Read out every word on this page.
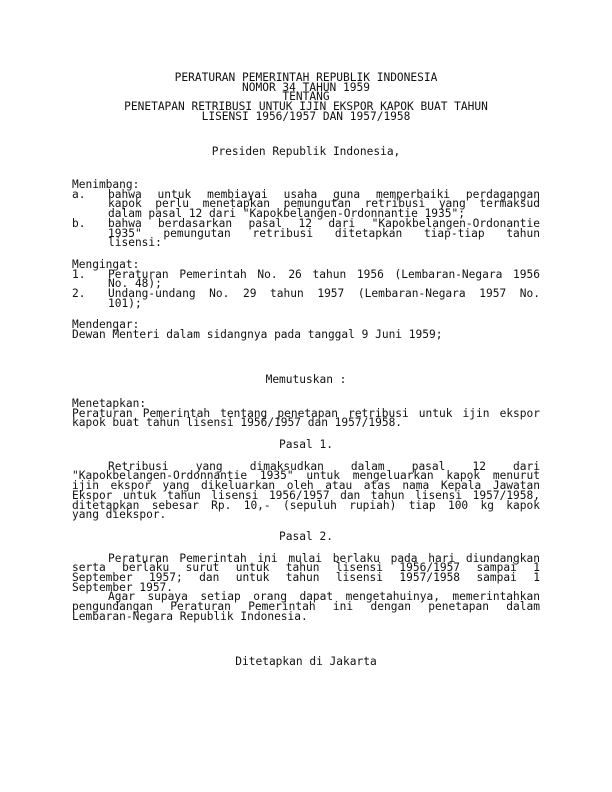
PERATURAN PEMERINTAH REPUBLIK INDONESIA
NOMOR 34 TAHUN 1959
TENTANG
PENETAPAN RETRIBUSI UNTUK IJIN EKSPOR KAPOK BUAT TAHUN
LISENSI 1956/1957 DAN 1957/1958
Presiden Republik Indonesia,
Menimbang:
a.	bahwa untuk membiayai usaha guna memperbaiki perdagangan
kapok perlu menetapkan pemungutan retribusi yang termaksud
dalam pasal 12 dari "Kapokbelangen-Ordonnantie 1935";
b.	bahwa berdasarkan pasal 12 dari "Kapokbelangen-Ordonantie
1935" pemungutan retribusi ditetapkan tiap-tiap tahun
lisensi:
Mengingat:
1.	Peraturan Pemerintah No. 26 tahun 1956 (Lembaran-Negara 1956
No. 48);
2.	Undang-undang No. 29 tahun 1957 (Lembaran-Negara 1957 No.
101);
Mendengar:
Dewan Menteri dalam sidangnya pada tanggal 9 Juni 1959;
Memutuskan :
Menetapkan:
Peraturan Pemerintah tentang penetapan retribusi untuk ijin ekspor
kapok buat tahun lisensi 1956/1957 dan 1957/1958.
Pasal 1.
Retribusi yang dimaksudkan dalam pasal 12 dari
"Kapokbelangen-Ordonnantie 1935" untuk mengeluarkan kapok menurut
ijin ekspor yang dikeluarkan oleh atau atas nama Kepala Jawatan
Ekspor untuk tahun lisensi 1956/1957 dan tahun lisensi 1957/1958,
ditetapkan sebesar Rp. 10,- (sepuluh rupiah) tiap 100 kg kapok
yang diekspor.
Pasal 2.
Peraturan Pemerintah ini mulai berlaku pada hari diundangkan
serta berlaku surut untuk tahun lisensi 1956/1957 sampai 1
September 1957; dan untuk tahun lisensi 1957/1958 sampai 1
September 1957.
Agar supaya setiap orang dapat mengetahuinya, memerintahkan
pengundangan Peraturan Pemerintah ini dengan penetapan dalam
Lembaran-Negara Republik Indonesia.
Ditetapkan di Jakarta
